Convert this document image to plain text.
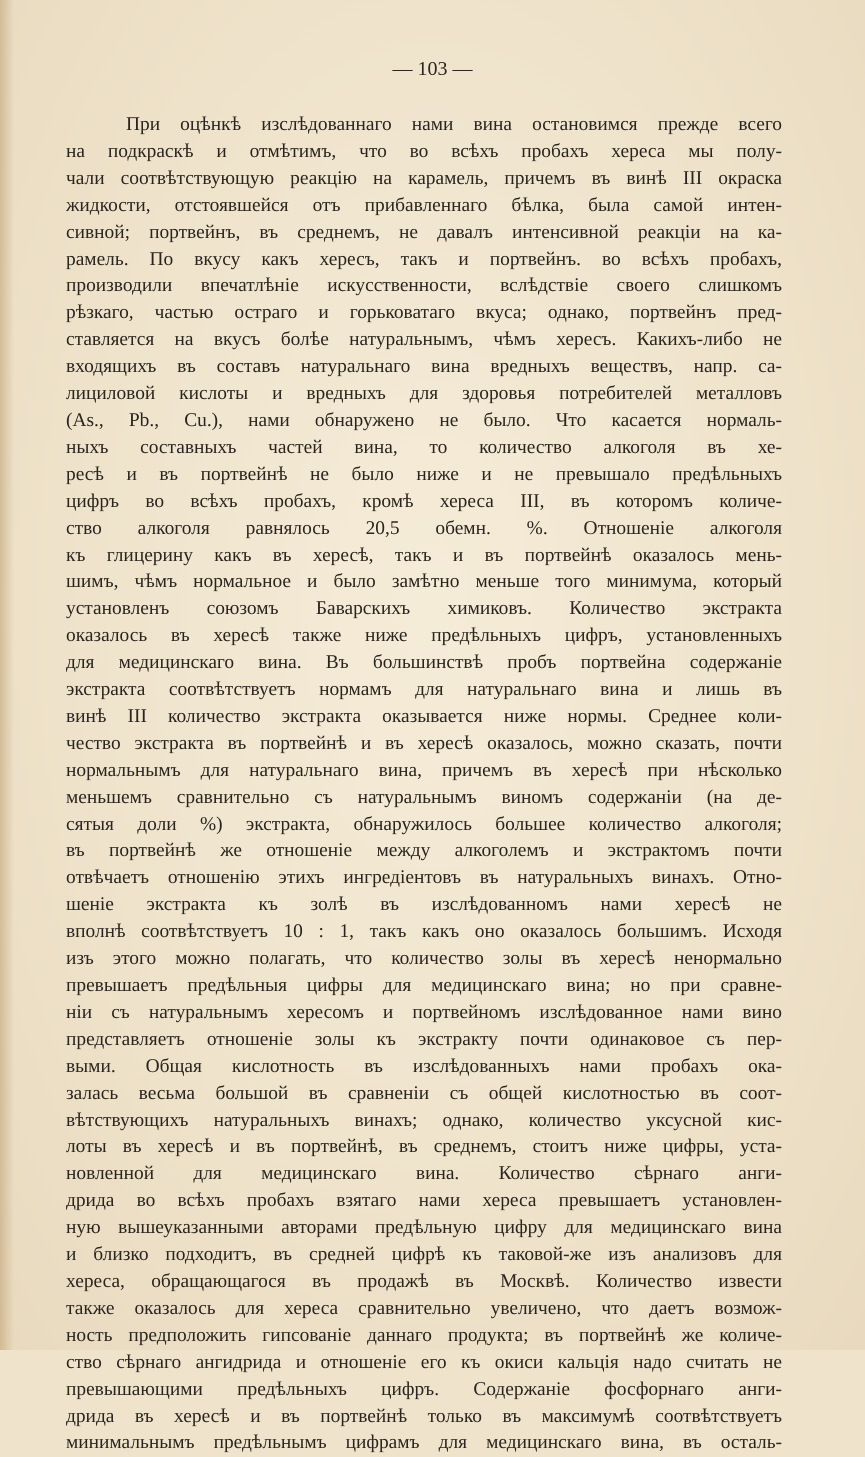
— 103 —
При оцѣнкѣ изслѣдованнаго нами вина остановимся прежде всего
на подкраскѣ и отмѣтимъ, что во всѣхъ пробахъ хереса мы полу-
чали соотвѣтствующую реакцію на карамель, причемъ въ винѣ III окраска
жидкости, отстоявшейся отъ прибавленнаго бѣлка, была самой интен-
сивной; портвейнъ, въ среднемъ, не давалъ интенсивной реакціи на ка-
рамель. По вкусу какъ хересъ, такъ и портвейнъ. во всѣхъ пробахъ,
производили впечатлѣніе искусственности, вслѣдствіе своего слишкомъ
рѣзкаго, частью остраго и горьковатаго вкуса; однако, портвейнъ пред-
ставляется на вкусъ болѣе натуральнымъ, чѣмъ хересъ. Какихъ-либо не
входящихъ въ составъ натуральнаго вина вредныхъ веществъ, напр. са-
лициловой кислоты и вредныхъ для здоровья потребителей металловъ
(As., Pb., Cu.), нами обнаружено не было. Что касается нормаль-
ныхъ составныхъ частей вина, то количество алкоголя въ хе-
ресѣ и въ портвейнѣ не было ниже и не превышало предѣльныхъ
цифръ во всѣхъ пробахъ, кромѣ хереса III, въ которомъ количе-
ство алкоголя равнялось 20,5 обемн. %. Отношеніе алкоголя
къ глицерину какъ въ хересѣ, такъ и въ портвейнѣ оказалось мень-
шимъ, чѣмъ нормальное и было замѣтно меньше того минимума, который
установленъ союзомъ Баварскихъ химиковъ. Количество экстракта
оказалось въ хересѣ также ниже предѣльныхъ цифръ, установленныхъ
для медицинскаго вина. Въ большинствѣ пробъ портвейна содержаніе
экстракта соотвѣтствуетъ нормамъ для натуральнаго вина и лишь въ
винѣ III количество экстракта оказывается ниже нормы. Среднее коли-
чество экстракта въ портвейнѣ и въ хересѣ оказалось, можно сказать, почти
нормальнымъ для натуральнаго вина, причемъ въ хересѣ при нѣсколько
меньшемъ сравнительно съ натуральнымъ виномъ содержаніи (на де-
сятыя доли %) экстракта, обнаружилось большее количество алкоголя;
въ портвейнѣ же отношеніе между алкоголемъ и экстрактомъ почти
отвѣчаетъ отношенію этихъ ингредіентовъ въ натуральныхъ винахъ. Отно-
шеніе экстракта къ золѣ въ изслѣдованномъ нами хересѣ не
вполнѣ соотвѣтствуетъ 10 : 1, такъ какъ оно оказалось большимъ. Исходя
изъ этого можно полагать, что количество золы въ хересѣ ненормально
превышаетъ предѣльныя цифры для медицинскаго вина; но при сравне-
ніи съ натуральнымъ хересомъ и портвейномъ изслѣдованное нами вино
представляетъ отношеніе золы къ экстракту почти одинаковое съ пер-
выми. Общая кислотность въ изслѣдованныхъ нами пробахъ ока-
залась весьма большой въ сравненіи съ общей кислотностью въ соот-
вѣтствующихъ натуральныхъ винахъ; однако, количество уксусной кис-
лоты въ хересѣ и въ портвейнѣ, въ среднемъ, стоитъ ниже цифры, уста-
новленной для медицинскаго вина. Количество сѣрнаго анги-
дрида во всѣхъ пробахъ взятаго нами хереса превышаетъ установлен-
ную вышеуказанными авторами предѣльную цифру для медицинскаго вина
и близко подходитъ, въ средней цифрѣ къ таковой-же изъ анализовъ для
хереса, обращающагося въ продажѣ въ Москвѣ. Количество извести
также оказалось для хереса сравнительно увеличено, что даетъ возмож-
ность предположить гипсованіе даннаго продукта; въ портвейнѣ же количе-
ство сѣрнаго ангидрида и отношеніе его къ окиси кальція надо считать не
превышающими предѣльныхъ цифръ. Содержаніе фосфорнаго анги-
дрида въ хересѣ и въ портвейнѣ только въ максимумѣ соотвѣтствуетъ
минимальнымъ предѣльнымъ цифрамъ для медицинскаго вина, въ осталь-
